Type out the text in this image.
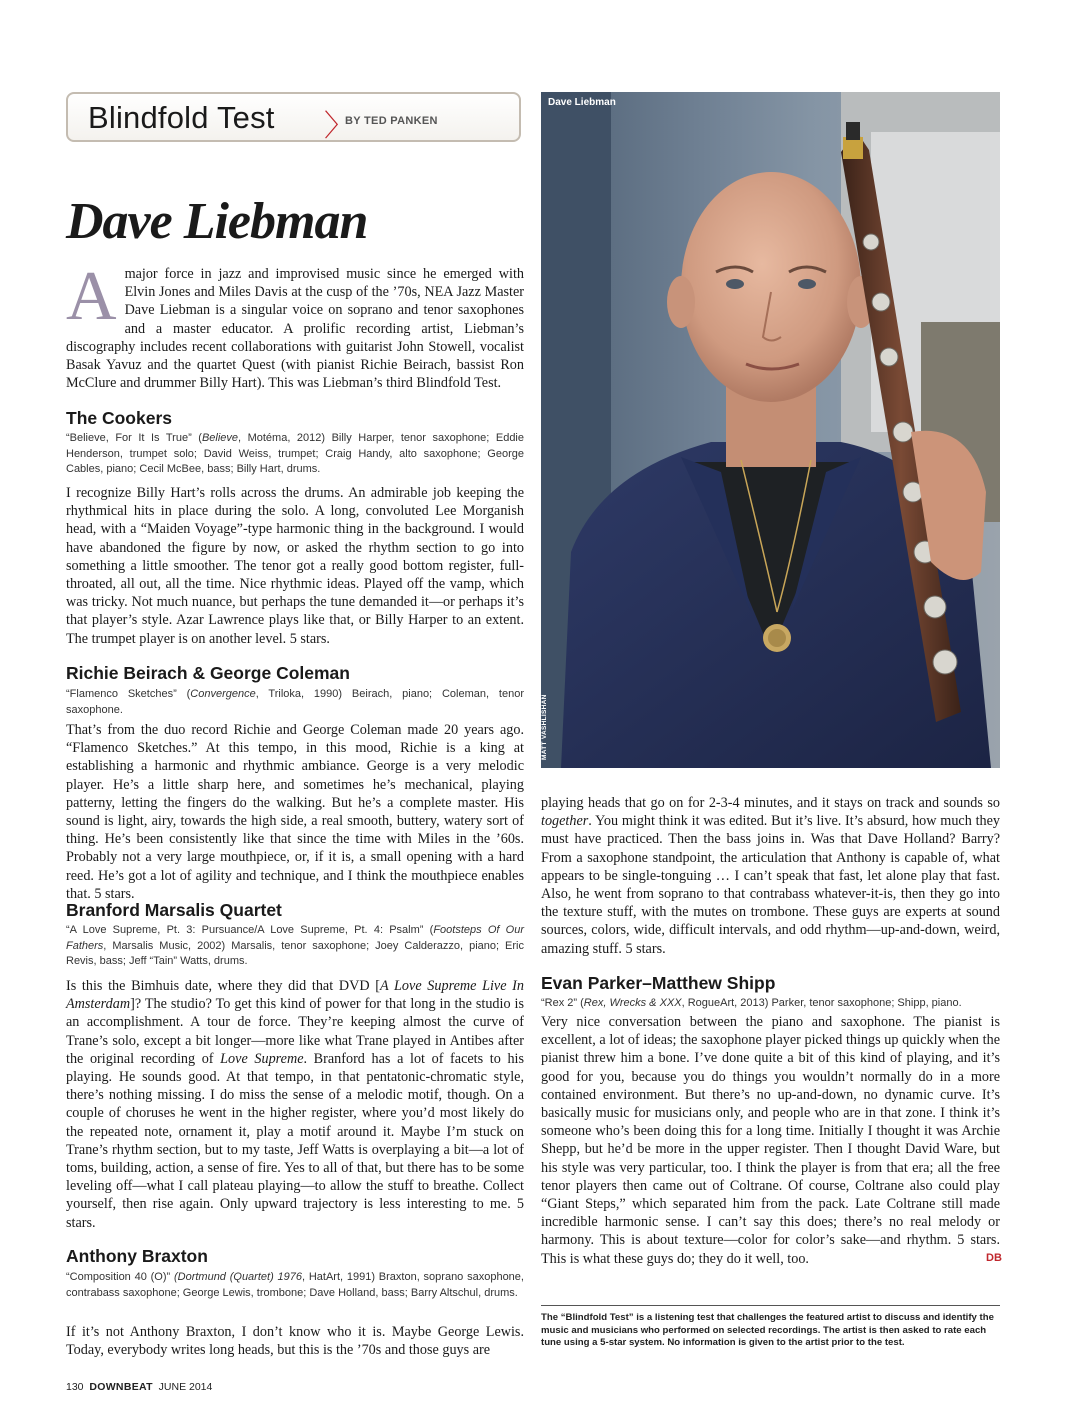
Blindfold Test 〉
BY TED PANKEN
Dave Liebman
A major force in jazz and improvised music since he emerged with Elvin Jones and Miles Davis at the cusp of the ’70s, NEA Jazz Master Dave Liebman is a singular voice on soprano and tenor saxophones and a master educator. A prolific recording artist, Liebman’s discography includes recent collaborations with guitarist John Stowell, vocalist Basak Yavuz and the quartet Quest (with pianist Richie Beirach, bassist Ron McClure and drummer Billy Hart). This was Liebman’s third Blindfold Test.
The Cookers
“Believe, For It Is True” (Believe, Motéma, 2012) Billy Harper, tenor saxophone; Eddie Henderson, trumpet solo; David Weiss, trumpet; Craig Handy, alto saxophone; George Cables, piano; Cecil McBee, bass; Billy Hart, drums.
I recognize Billy Hart’s rolls across the drums. An admirable job keeping the rhythmical hits in place during the solo. A long, convoluted Lee Morganish head, with a “Maiden Voyage”-type harmonic thing in the background. I would have abandoned the figure by now, or asked the rhythm section to go into something a little smoother. The tenor got a really good bottom register, full-throated, all out, all the time. Nice rhythmic ideas. Played off the vamp, which was tricky. Not much nuance, but perhaps the tune demanded it—or perhaps it’s that player’s style. Azar Lawrence plays like that, or Billy Harper to an extent. The trumpet player is on another level. 5 stars.
Richie Beirach & George Coleman
“Flamenco Sketches” (Convergence, Triloka, 1990) Beirach, piano; Coleman, tenor saxophone.
That’s from the duo record Richie and George Coleman made 20 years ago. “Flamenco Sketches.” At this tempo, in this mood, Richie is a king at establishing a harmonic and rhythmic ambiance. George is a very melodic player. He’s a little sharp here, and sometimes he’s mechanical, playing patterny, letting the fingers do the walking. But he’s a complete master. His sound is light, airy, towards the high side, a real smooth, buttery, watery sort of thing. He’s been consistently like that since the time with Miles in the ’60s. Probably not a very large mouthpiece, or, if it is, a small opening with a hard reed. He’s got a lot of agility and technique, and I think the mouthpiece enables that. 5 stars.
Branford Marsalis Quartet
“A Love Supreme, Pt. 3: Pursuance/A Love Supreme, Pt. 4: Psalm” (Footsteps Of Our Fathers, Marsalis Music, 2002) Marsalis, tenor saxophone; Joey Calderazzo, piano; Eric Revis, bass; Jeff “Tain” Watts, drums.
Is this the Bimhuis date, where they did that DVD [A Love Supreme Live In Amsterdam]? The studio? To get this kind of power for that long in the studio is an accomplishment. A tour de force. They’re keeping almost the curve of Trane’s solo, except a bit longer—more like what Trane played in Antibes after the original recording of Love Supreme. Branford has a lot of facets to his playing. He sounds good. At that tempo, in that pentatonic-chromatic style, there’s nothing missing. I do miss the sense of a melodic motif, though. On a couple of choruses he went in the higher register, where you’d most likely do the repeated note, ornament it, play a motif around it. Maybe I’m stuck on Trane’s rhythm section, but to my taste, Jeff Watts is overplaying a bit—a lot of toms, building, action, a sense of fire. Yes to all of that, but there has to be some leveling off—what I call plateau playing—to allow the stuff to breathe. Collect yourself, then rise again. Only upward trajectory is less interesting to me. 5 stars.
Anthony Braxton
“Composition 40 (O)” (Dortmund (Quartet) 1976, HatArt, 1991) Braxton, soprano saxophone, contrabass saxophone; George Lewis, trombone; Dave Holland, bass; Barry Altschul, drums.
If it’s not Anthony Braxton, I don’t know who it is. Maybe George Lewis. Today, everybody writes long heads, but this is the ’70s and those guys are
Dave Liebman
MATT VASHLISHAN
playing heads that go on for 2-3-4 minutes, and it stays on track and sounds so together. You might think it was edited. But it’s live. It’s absurd, how much they must have practiced. Then the bass joins in. Was that Dave Holland? Barry? From a saxophone standpoint, the articulation that Anthony is capable of, what appears to be single-tonguing … I can’t speak that fast, let alone play that fast. Also, he went from soprano to that contrabass whatever-it-is, then they go into the texture stuff, with the mutes on trombone. These guys are experts at sound sources, colors, wide, difficult intervals, and odd rhythm—up-and-down, weird, amazing stuff. 5 stars.
Evan Parker–Matthew Shipp
“Rex 2” (Rex, Wrecks & XXX, RogueArt, 2013) Parker, tenor saxophone; Shipp, piano.
Very nice conversation between the piano and saxophone. The pianist is excellent, a lot of ideas; the saxophone player picked things up quickly when the pianist threw him a bone. I’ve done quite a bit of this kind of playing, and it’s good for you, because you do things you wouldn’t normally do in a more contained environment. But there’s no up-and-down, no dynamic curve. It’s basically music for musicians only, and people who are in that zone. I think it’s someone who’s been doing this for a long time. Initially I thought it was Archie Shepp, but he’d be more in the upper register. Then I thought David Ware, but his style was very particular, too. I think the player is from that era; all the free tenor players then came out of Coltrane. Of course, Coltrane also could play “Giant Steps,” which separated him from the pack. Late Coltrane still made incredible harmonic sense. I can’t say this does; there’s no real melody or harmony. This is about texture—color for color’s sake—and rhythm. 5 stars. This is what these guys do; they do it well, too.	DB
The “Blindfold Test” is a listening test that challenges the featured artist to discuss and identify the music and musicians who performed on selected recordings. The artist is then asked to rate each tune using a 5-star system. No information is given to the artist prior to the test.
130 DOWNBEAT JUNE 2014
